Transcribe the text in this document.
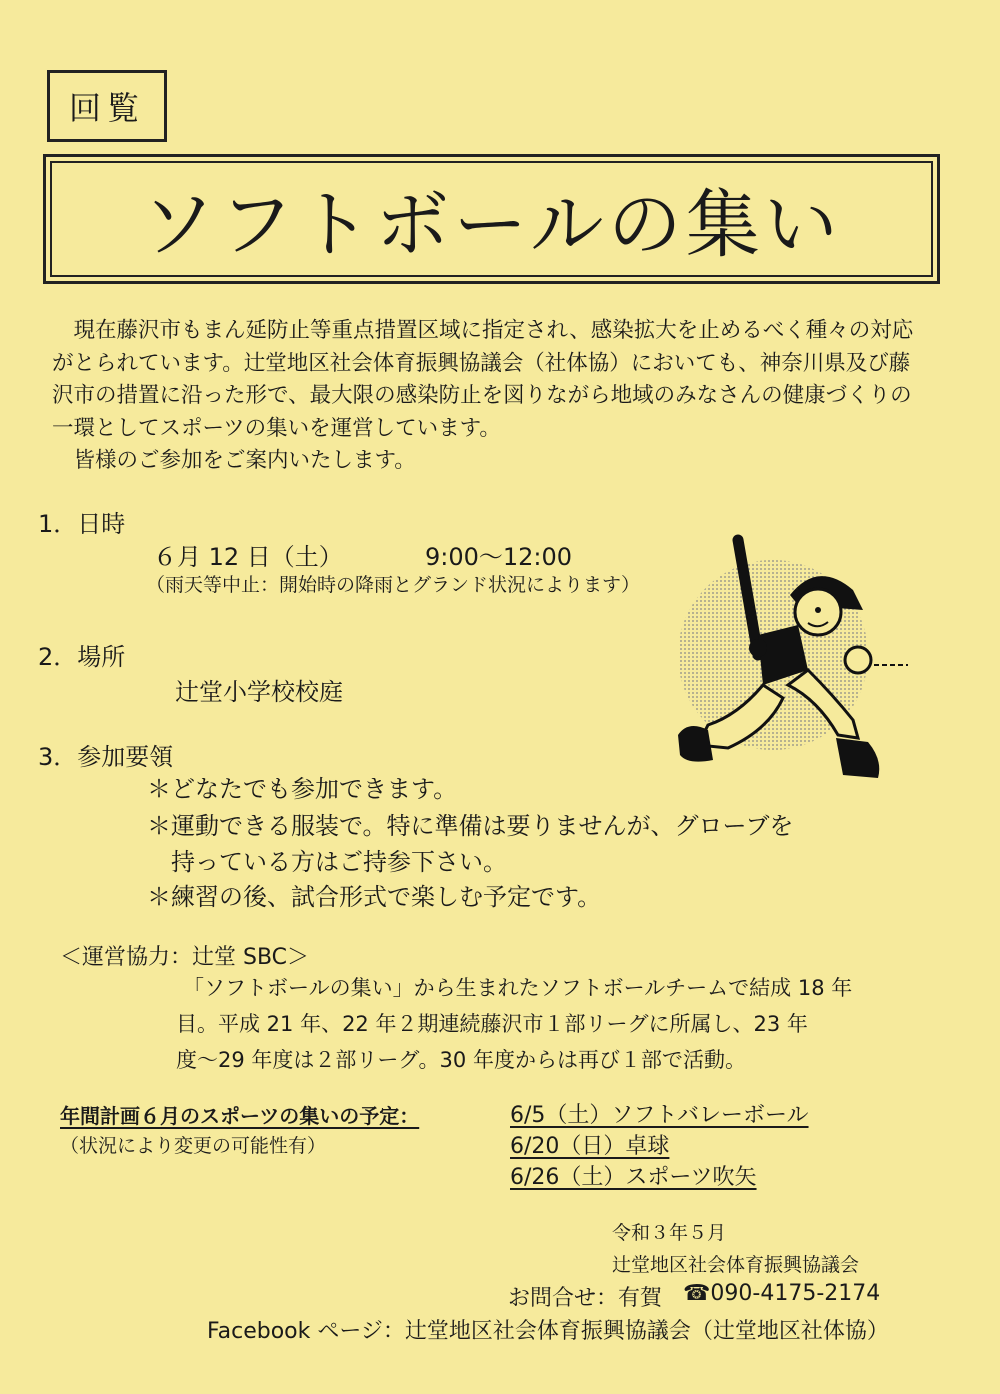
回覧
ソフトボールの集い

現在藤沢市もまん延防止等重点措置区域に指定され、感染拡大を止めるべく種々の対応がとられています。辻堂地区社会体育振興協議会（社体協）においても、神奈川県及び藤沢市の措置に沿った形で、最大限の感染防止を図りながら地域のみなさんの健康づくりの一環としてスポーツの集いを運営しています。

皆様のご参加をご案内いたします。

1．日時
６月 12 日（土）	9:00～12:00
（雨天等中止：開始時の降雨とグランド状況によります）
2．場所
辻堂小学校校庭
3．参加要領
＊どなたでも参加できます。
＊運動できる服装で。特に準備は要りませんが、グローブを
持っている方はご持参下さい。
＊練習の後、試合形式で楽しむ予定です。
＜運営協力：辻堂 SBC＞

「ソフトボールの集い」から生まれたソフトボールチームで結成 18 年

目。平成 21 年、22 年２期連続藤沢市１部リーグに所属し、23 年

度～29 年度は２部リーグ。30 年度からは再び１部で活動。

年間計画６月のスポーツの集いの予定：
（状況により変更の可能性有）
6/5（土）ソフトバレーボール
6/20（日）卓球
6/26（土）スポーツ吹矢
令和３年５月
辻堂地区社会体育振興協議会
お問合せ：有賀 ☎090-4175-2174
Facebook ページ：辻堂地区社会体育振興協議会（辻堂地区社体協）
